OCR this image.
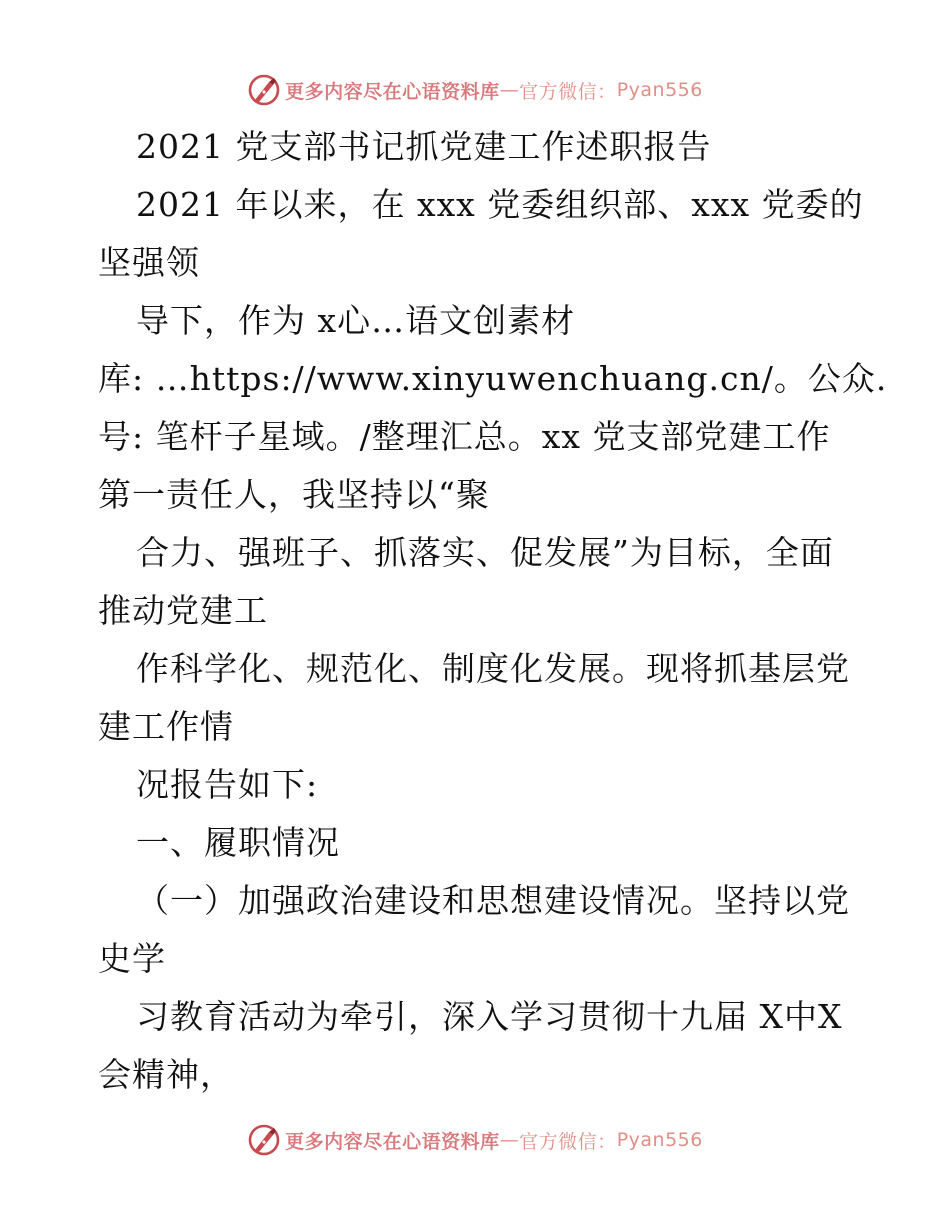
更多内容尽在心语资料库 — 官方微信： Pyan556
2021 党支部书记抓党建工作述职报告
2021 年以来，在 xxx 党委组织部、xxx 党委的
坚强领
导下，作为 x心…语文创素材
库: …https://www.xinyuwenchuang.cn/。公众.
号: 笔杆子星域。/整理汇总。xx 党支部党建工作
第一责任人，我坚持以“聚
合力、强班子、抓落实、促发展”为目标，全面
推动党建工
作科学化、规范化、制度化发展。现将抓基层党
建工作情
况报告如下:
一、履职情况
（一）加强政治建设和思想建设情况。坚持以党
史学
习教育活动为牵引，深入学习贯彻十九届 X中X
会精神，
更多内容尽在心语资料库 — 官方微信： Pyan556
